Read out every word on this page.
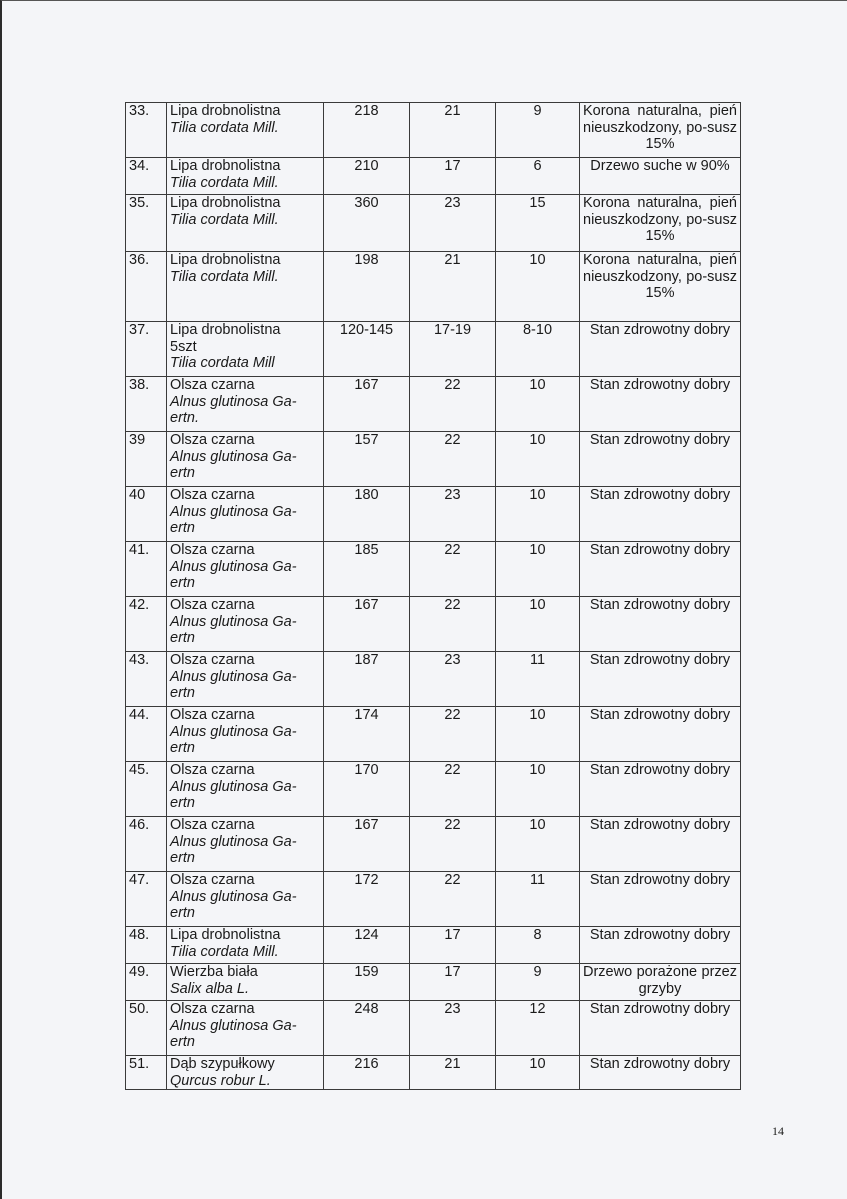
33.	Lipa drobnolistna
Tilia cordata Mill.	218	21	9	Korona naturalna, pień nieuszkodzony, po-susz 15%
34.	Lipa drobnolistna
Tilia cordata Mill.	210	17	6	Drzewo suche w 90%
35.	Lipa drobnolistna
Tilia cordata Mill.	360	23	15	Korona naturalna, pień nieuszkodzony, po-susz 15%
36.	Lipa drobnolistna
Tilia cordata Mill.	198	21	10	Korona naturalna, pień nieuszkodzony, po-susz 15%
37.	Lipa drobnolistna
5szt
Tilia cordata Mill	120-145	17-19	8-10	Stan zdrowotny dobry
38.	Olsza czarna
Alnus glutinosa Ga-ertn.	167	22	10	Stan zdrowotny dobry
39	Olsza czarna
Alnus glutinosa Ga-ertn	157	22	10	Stan zdrowotny dobry
40	Olsza czarna
Alnus glutinosa Ga-ertn	180	23	10	Stan zdrowotny dobry
41.	Olsza czarna
Alnus glutinosa Ga-ertn	185	22	10	Stan zdrowotny dobry
42.	Olsza czarna
Alnus glutinosa Ga-ertn	167	22	10	Stan zdrowotny dobry
43.	Olsza czarna
Alnus glutinosa Ga-ertn	187	23	11	Stan zdrowotny dobry
44.	Olsza czarna
Alnus glutinosa Ga-ertn	174	22	10	Stan zdrowotny dobry
45.	Olsza czarna
Alnus glutinosa Ga-ertn	170	22	10	Stan zdrowotny dobry
46.	Olsza czarna
Alnus glutinosa Ga-ertn	167	22	10	Stan zdrowotny dobry
47.	Olsza czarna
Alnus glutinosa Ga-ertn	172	22	11	Stan zdrowotny dobry
48.	Lipa drobnolistna
Tilia cordata Mill.	124	17	8	Stan zdrowotny dobry
49.	Wierzba biała
Salix alba L.	159	17	9	Drzewo porażone przez grzyby
50.	Olsza czarna
Alnus glutinosa Ga-ertn	248	23	12	Stan zdrowotny dobry
51.	Dąb szypułkowy
Qurcus robur L.	216	21	10	Stan zdrowotny dobry
14
